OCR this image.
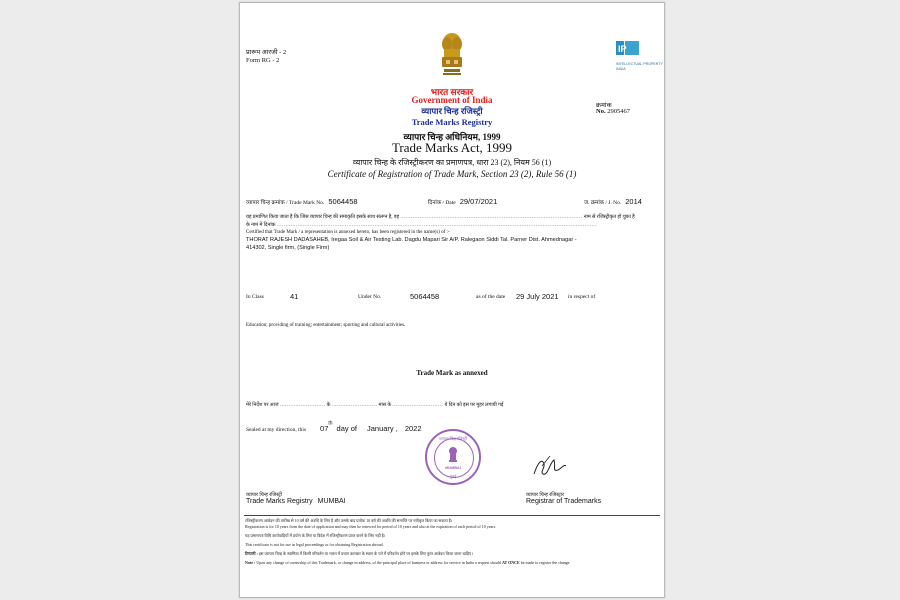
प्रारूप आरजी - 2
Form RG - 2
IP
INTELLECTUAL PROPERTY INDIA
भारत सरकार
Government of India
व्यापार चिन्ह रजिस्ट्री
Trade Marks Registry
क्रमांक
No. 2905467
व्यापार चिन्ह अधिनियम, 1999
Trade Marks Act, 1999
व्यापार चिन्ह के रजिस्ट्रीकरण का प्रमाणपत्र, धारा 23 (2), नियम 56 (1)
Certificate of Registration of Trade Mark, Section 23 (2), Rule 56 (1)
व्यापार चिन्ह क्रमांक / Trade Mark No. 5064458	दिनांक / Date 29/07/2021	ज. क्रमांक / J. No. 2014
यह प्रमाणित किया जाता है कि जिस व्यापार चिन्ह की समाकृति इसके साथ संलग्न है, वह ........................................................................................................ नाम से रजिस्ट्रीकृत हो चुका है
के नाम में दिनांक .......................................................................................................................................................................................
Certified that Trade Mark / a representation is annexed hereto, has been registered in the name(s) of :-
THORAT RAJESH DADASAHEB, Iregaa Soil & Air Testing Lab. Dagdu Mapari Sir A/P. Ralegaon Siddi Tal. Parner Dist. Ahmednagar -
414302, Single firm, (Single Firm)
In Class	41	Under No.	5064458	as of the date 29 July 2021 in respect of
Education; providing of training; entertainment; sporting and cultural activities.
Trade Mark as annexed
मेरे निर्देश पर आज .......................... के .......................... मास के ............................. ये दिन को इस पर मुहर लगायी गई
Sealed at my direction, this 07th day of January , 2022
व्यापार चिह्न रजिस्ट्री
MUMBAI
मुंबई
व्यापार चिन्ह रजिस्ट्री
Trade Marks Registry MUMBAI
व्यापार चिन्ह रजिस्ट्रार
Registrar of Trademarks
रजिस्ट्रीकरण आवेदन की तारीख से 10 वर्ष की अवधि के लिए है और उसके बाद प्रत्येक 10 वर्ष की अवधि की समाप्ति पर नवीकृत किया जा सकता है।
Registration is for 10 years from the date of application and may then be renewed for period of 10 years and also at the expiration of each period of 10 years.
यह प्रमाणपत्र विधि कार्यवाहियों में प्रयोग के लिए या विदेश में रजिस्ट्रीकरण प्राप्त करने के लिए नहीं है।
This certificate is not for use in legal proceedings or for obtaining Registration abroad.
टिप्पणी : इस व्यापार चिन्ह के स्वामित्व में किसी परिवर्तन या भारत में प्रधान कारबार के स्थान के पते में परिवर्तन होने पर इसके लिए तुरंत आवेदन किया जाना चाहिए।
Note : Upon any change of ownership of this Trademark, or change in address, of the principal place of business or address for service in India a request should AT ONCE be made to register the change.
